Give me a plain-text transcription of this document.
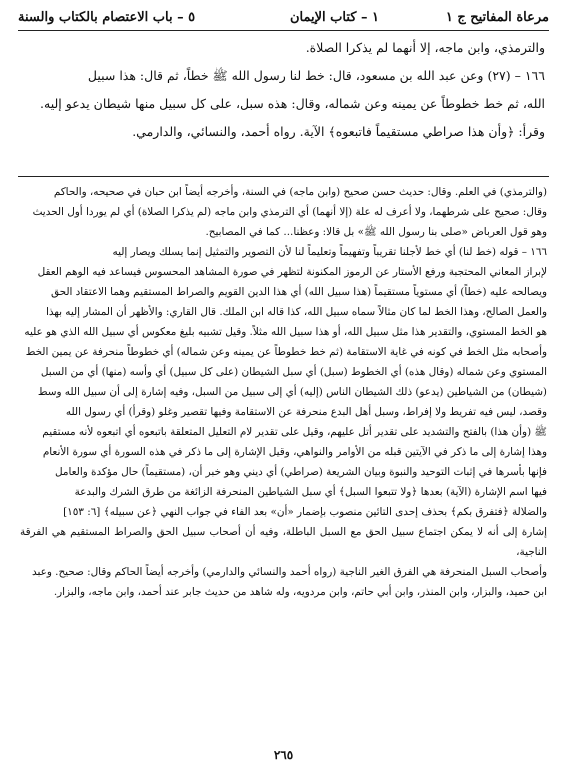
مرعاة المفاتيح ج ١
١ – كتاب الإيمان
٥ – باب الاعتصام بالكتاب والسنة

والترمذي، وابن ماجه، إلا أنهما لم يذكرا الصلاة.

١٦٦ – (٢٧) وعن عبد الله بن مسعود، قال: خط لنا رسول الله ﷺ خطاً، ثم قال: هذا سبيل

الله، ثم خط خطوطاً عن يمينه وعن شماله، وقال: هذه سبل، على كل سبيل منها شيطان يدعو إليه.

وقرأ: ﴿وأن هذا صراطي مستقيماً فاتبعوه﴾ الآية. رواه أحمد، والنسائي، والدارمي.

(والترمذي) في العلم. وقال: حديث حسن صحيح (وابن ماجه) في السنة، وأخرجه أيضاً ابن حبان في صحيحه، والحاكم

وقال: صحيح على شرطهما، ولا أعرف له علة (إلا أنهما) أي الترمذي وابن ماجه (لم يذكرا الصلاة) أي لم يوردا أول الحديث

وهو قول العرباض «صلى بنا رسول الله ﷺ» بل قالا: وعظنا... كما في المصابيح.

١٦٦ – قوله (خط لنا) أي خط لأجلنا تقريباً وتفهيماً وتعليماً لنا لأن التصوير والتمثيل إنما يسلك ويصار إليه

لإبراز المعاني المحتجبة ورفع الأستار عن الرموز المكنونة لتظهر في صورة المشاهد المحسوس فيساعد فيه الوهم العقل

ويصالحه عليه (خطاً) أي مستوياً مستقيماً (هذا سبيل الله) أي هذا الدين القويم والصراط المستقيم وهما الاعتقاد الحق

والعمل الصالح، وهذا الخط لما كان مثالاً سماه سبيل الله، كذا قاله ابن الملك. قال القاري: والأظهر أن المشار إليه بهذا

هو الخط المستوي، والتقدير هذا مثل سبيل الله، أو هذا سبيل الله مثلاً. وقيل تشبيه بليغ معكوس أي سبيل الله الذي هو عليه

وأصحابه مثل الخط في كونه في غاية الاستقامة (ثم خط خطوطاً عن يمينه وعن شماله) أي خطوطاً منحرفة عن يمين الخط

المستوي وعن شماله (وقال هذه) أي الخطوط (سبل) أي سبل الشيطان (على كل سبيل) أي وأسه (منها) أي من السبل

(شيطان) من الشياطين (يدعو) ذلك الشيطان الناس (إليه) أي إلى سبيل من السبل، وفيه إشارة إلى أن سبيل الله وسط

وقصد، ليس فيه تفريط ولا إفراط، وسبل أهل البدع منحرفة عن الاستقامة وفيها تقصير وغلو (وقرأ) أي رسول الله

ﷺ (وأن هذا) بالفتح والتشديد على تقدير أتل عليهم، وقيل على تقدير لام التعليل المتعلقة باتبعوه أي اتبعوه لأنه مستقيم

وهذا إشارة إلى ما ذكر في الآيتين قبله من الأوامر والنواهي، وقيل الإشارة إلى ما ذكر في هذه السورة أي سورة الأنعام

فإنها بأسرها في إثبات التوحيد والنبوة وبيان الشريعة (صراطي) أي ديني وهو خبر أن، (مستقيماً) حال مؤكدة والعامل

فيها اسم الإشارة (الآية) بعدها ﴿ولا تتبعوا السبل﴾ أي سبل الشياطين المنحرفة الزائغة من طرق الشرك والبدعة

والضلالة ﴿فتفرق بكم﴾ بحذف إحدى التائين منصوب بإضمار «أن» بعد الفاء في جواب النهي ﴿عن سبيله﴾ [٦: ١٥٣]

إشارة إلى أنه لا يمكن اجتماع سبيل الحق مع السبل الباطلة، وفيه أن أصحاب سبيل الحق والصراط المستقيم هي الفرقة الناجية،

وأصحاب السبل المنحرفة هي الفرق الغير الناجية (رواه أحمد والنسائي والدارمي) وأخرجه أيضاً الحاكم وقال: صحيح. وعبد

ابن حميد، والبزار، وابن المنذر، وابن أبي حاتم، وابن مردويه، وله شاهد من حديث جابر عند أحمد، وابن ماجه، والبزار.

٢٦٥
